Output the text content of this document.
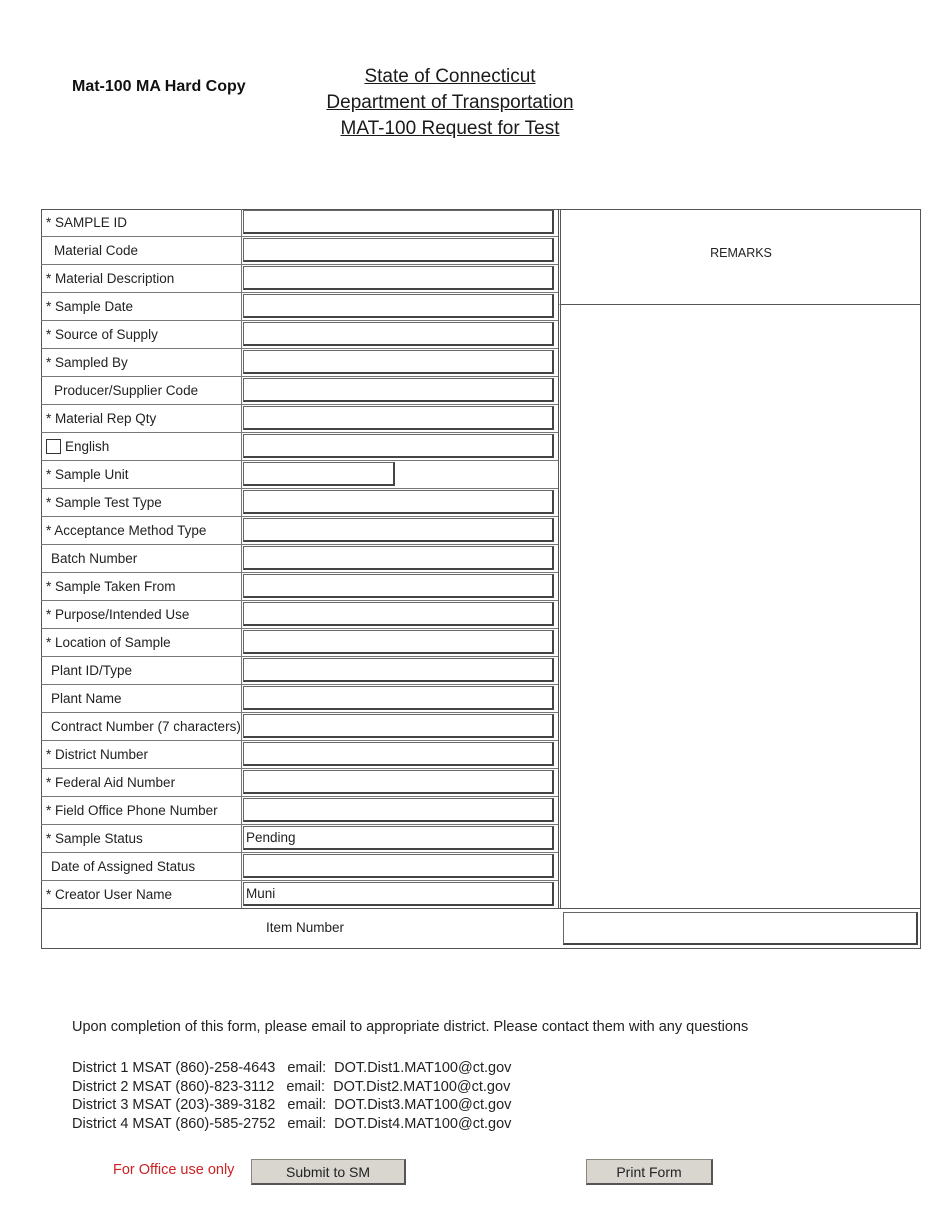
Mat-100 MA Hard Copy	State of Connecticut
Department of Transportation
MAT-100 Request for Test
* SAMPLE ID
Material Code
* Material Description
* Sample Date
* Source of Supply
* Sampled By
Producer/Supplier Code
* Material Rep Qty
English
* Sample Unit
* Sample Test Type
* Acceptance Method Type
Batch Number
* Sample Taken From
* Purpose/Intended Use
* Location of Sample
Plant ID/Type
Plant Name
Contract Number (7 characters)
* District Number
* Federal Aid Number
* Field Office Phone Number
* Sample Status	Pending
Date of Assigned Status
* Creator User Name	Muni
REMARKS
Item Number
Upon completion of this form, please email to appropriate district. Please contact them with any questions
District 1 MSAT (860)-258-4643   email:  DOT.Dist1.MAT100@ct.gov
District 2 MSAT (860)-823-3112   email:  DOT.Dist2.MAT100@ct.gov
District 3 MSAT (203)-389-3182   email:  DOT.Dist3.MAT100@ct.gov
District 4 MSAT (860)-585-2752   email:  DOT.Dist4.MAT100@ct.gov
For Office use only	Submit to SM	Print Form
